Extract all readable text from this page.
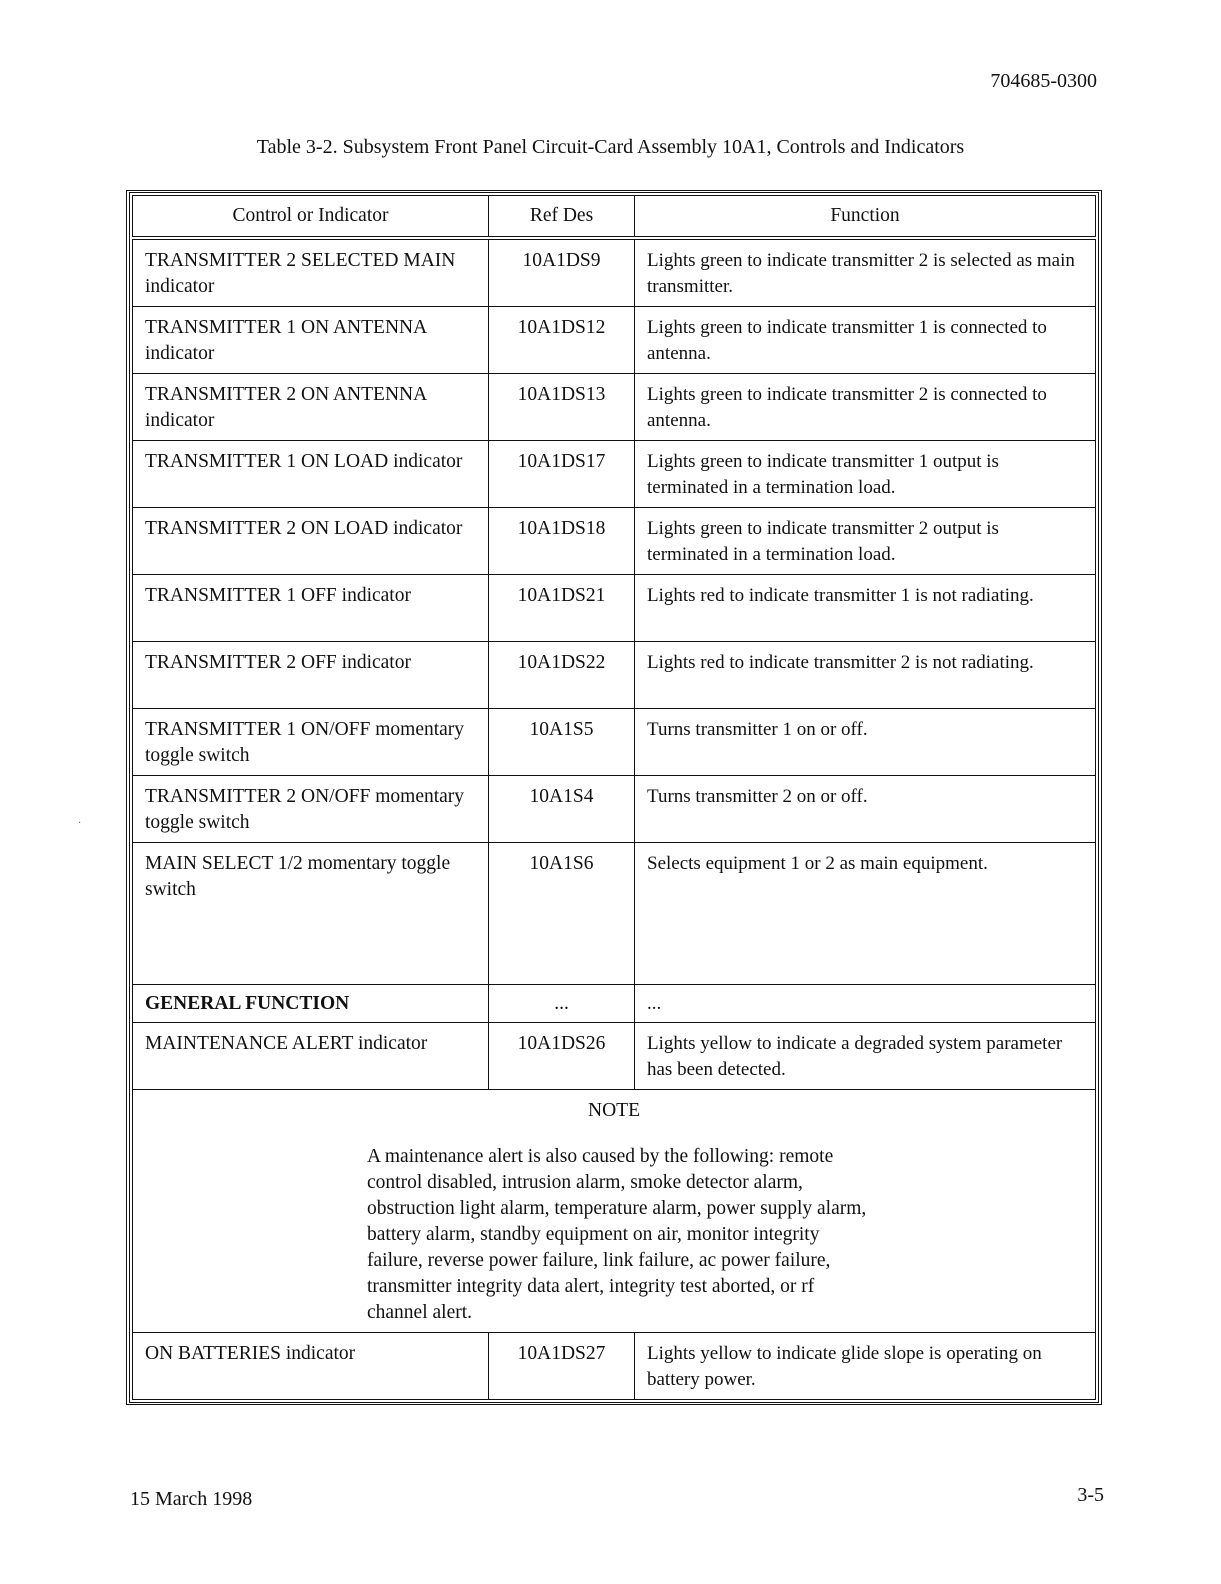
704685-0300
Table 3-2. Subsystem Front Panel Circuit-Card Assembly 10A1, Controls and Indicators
Control or Indicator	Ref Des	Function
TRANSMITTER 2 SELECTED MAIN indicator	10A1DS9	Lights green to indicate transmitter 2 is selected as main transmitter.
TRANSMITTER 1 ON ANTENNA indicator	10A1DS12	Lights green to indicate transmitter 1 is connected to antenna.
TRANSMITTER 2 ON ANTENNA indicator	10A1DS13	Lights green to indicate transmitter 2 is connected to antenna.
TRANSMITTER 1 ON LOAD indicator	10A1DS17	Lights green to indicate transmitter 1 output is terminated in a termination load.
TRANSMITTER 2 ON LOAD indicator	10A1DS18	Lights green to indicate transmitter 2 output is terminated in a termination load.
TRANSMITTER 1 OFF indicator	10A1DS21	Lights red to indicate transmitter 1 is not radiating.
TRANSMITTER 2 OFF indicator	10A1DS22	Lights red to indicate transmitter 2 is not radiating.
TRANSMITTER 1 ON/OFF momentary toggle switch	10A1S5	Turns transmitter 1 on or off.
TRANSMITTER 2 ON/OFF momentary toggle switch	10A1S4	Turns transmitter 2 on or off.
MAIN SELECT 1/2 momentary toggle switch	10A1S6	Selects equipment 1 or 2 as main equipment.
GENERAL FUNCTION	...	...
MAINTENANCE ALERT indicator	10A1DS26	Lights yellow to indicate a degraded system parameter has been detected.

NOTE
A maintenance alert is also caused by the following: remote control disabled, intrusion alarm, smoke detector alarm, obstruction light alarm, temperature alarm, power supply alarm, battery alarm, standby equipment on air, monitor integrity failure, reverse power failure, link failure, ac power failure, transmitter integrity data alert, integrity test aborted, or rf channel alert.		

ON BATTERIES indicator	10A1DS27	Lights yellow to indicate glide slope is operating on battery power.
·
15 March 1998	3-5
